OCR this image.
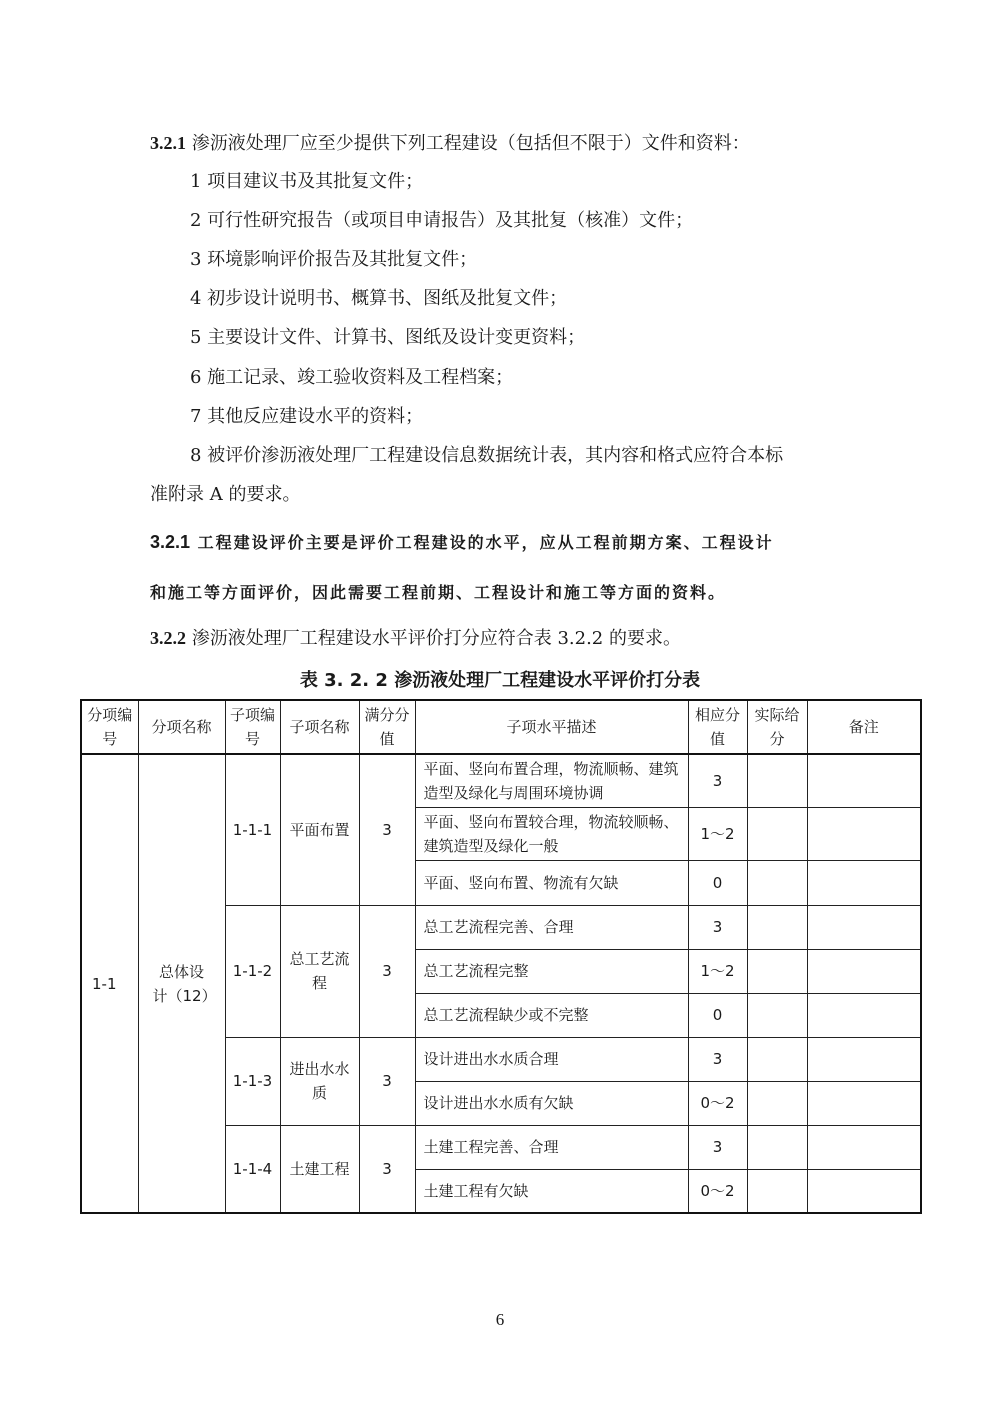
3.2.1 渗沥液处理厂应至少提供下列工程建设（包括但不限于）文件和资料：
1 项目建议书及其批复文件；
2 可行性研究报告（或项目申请报告）及其批复（核准）文件；
3 环境影响评价报告及其批复文件；
4 初步设计说明书、概算书、图纸及批复文件；
5 主要设计文件、计算书、图纸及设计变更资料；
6 施工记录、竣工验收资料及工程档案；
7 其他反应建设水平的资料；
8 被评价渗沥液处理厂工程建设信息数据统计表，其内容和格式应符合本标
准附录 A 的要求。
3.2.1 工程建设评价主要是评价工程建设的水平，应从工程前期方案、工程设计
和施工等方面评价，因此需要工程前期、工程设计和施工等方面的资料。
3.2.2 渗沥液处理厂工程建设水平评价打分应符合表 3.2.2 的要求。
表 3. 2. 2 渗沥液处理厂工程建设水平评价打分表
分项编号	分项名称	子项编号	子项名称	满分分值	子项水平描述	相应分值	实际给分	备注
1-1	总体设计（12）	1-1-1	平面布置	3	平面、竖向布置合理，物流顺畅、建筑造型及绿化与周围环境协调	3		
					平面、竖向布置较合理，物流较顺畅、建筑造型及绿化一般	1～2		
					平面、竖向布置、物流有欠缺	0		
		1-1-2	总工艺流程	3	总工艺流程完善、合理	3		
					总工艺流程完整	1～2		
					总工艺流程缺少或不完整	0		
		1-1-3	进出水水质	3	设计进出水水质合理	3		
					设计进出水水质有欠缺	0～2		
		1-1-4	土建工程	3	土建工程完善、合理	3		
					土建工程有欠缺	0～2		
6
